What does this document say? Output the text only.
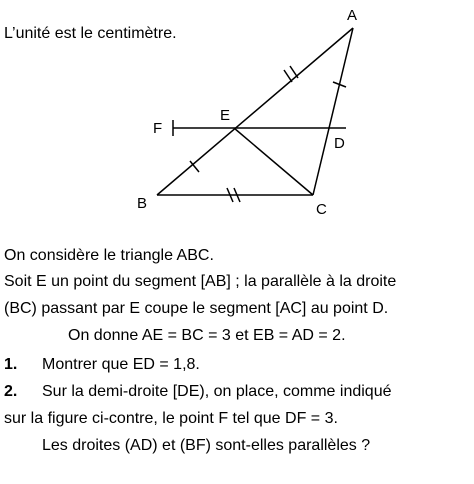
L’unité est le centimètre.
A
E
F
D
B	C
On considère le triangle ABC.
Soit E un point du segment [AB] ; la parallèle à la droite
(BC) passant par E coupe le segment [AC] au point D.
On donne AE = BC = 3 et EB = AD = 2.
1. Montrer que ED = 1,8.
2. Sur la demi-droite [DE), on place, comme indiqué
sur la figure ci-contre, le point F tel que DF = 3.
Les droites (AD) et (BF) sont-elles parallèles ?
